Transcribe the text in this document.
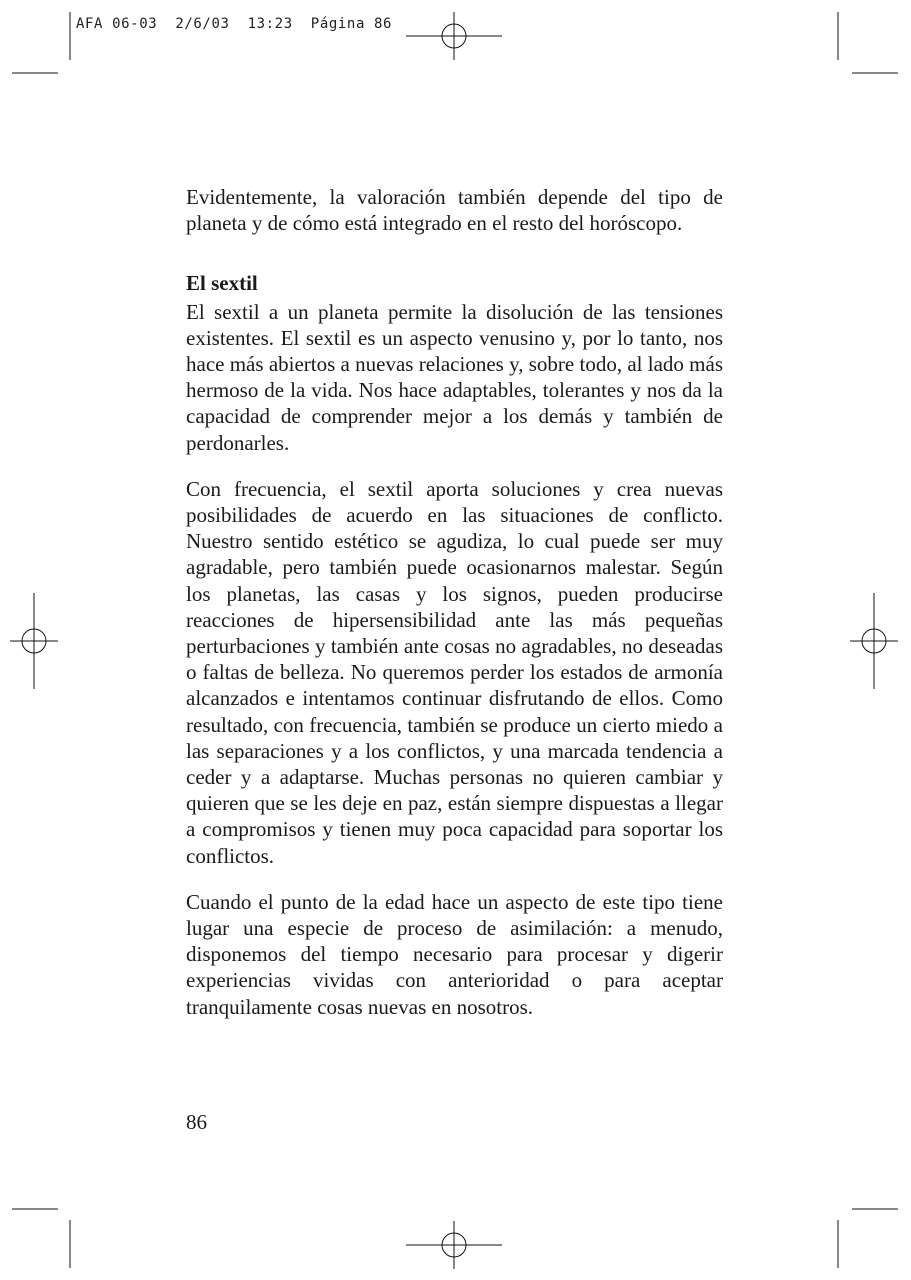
AFA 06-03 2/6/03 13:23 Página 86

Evidentemente, la valoración también depende del tipo de planeta y de cómo está integrado en el resto del horóscopo.

El sextil

El sextil a un planeta permite la disolución de las tensiones existentes. El sextil es un aspecto venusino y, por lo tanto, nos hace más abiertos a nuevas relaciones y, sobre todo, al lado más hermoso de la vida. Nos hace adaptables, tolerantes y nos da la capacidad de comprender mejor a los demás y también de perdonarles.

Con frecuencia, el sextil aporta soluciones y crea nuevas posibilidades de acuerdo en las situaciones de conflicto. Nuestro sentido estético se agudiza, lo cual puede ser muy agradable, pero también puede ocasionarnos malestar. Según los planetas, las casas y los signos, pueden producirse reacciones de hipersensibilidad ante las más pequeñas perturbaciones y también ante cosas no agradables, no deseadas o faltas de belleza. No queremos perder los estados de armonía alcanzados e intentamos continuar disfrutando de ellos. Como resultado, con frecuencia, también se produce un cierto miedo a las separaciones y a los conflictos, y una marcada tendencia a ceder y a adaptarse. Muchas personas no quieren cambiar y quieren que se les deje en paz, están siempre dispuestas a llegar a compromisos y tienen muy poca capacidad para soportar los conflictos.

Cuando el punto de la edad hace un aspecto de este tipo tiene lugar una especie de proceso de asimilación: a menudo, disponemos del tiempo necesario para procesar y digerir experiencias vividas con anterioridad o para aceptar tranquilamente cosas nuevas en nosotros.

86
